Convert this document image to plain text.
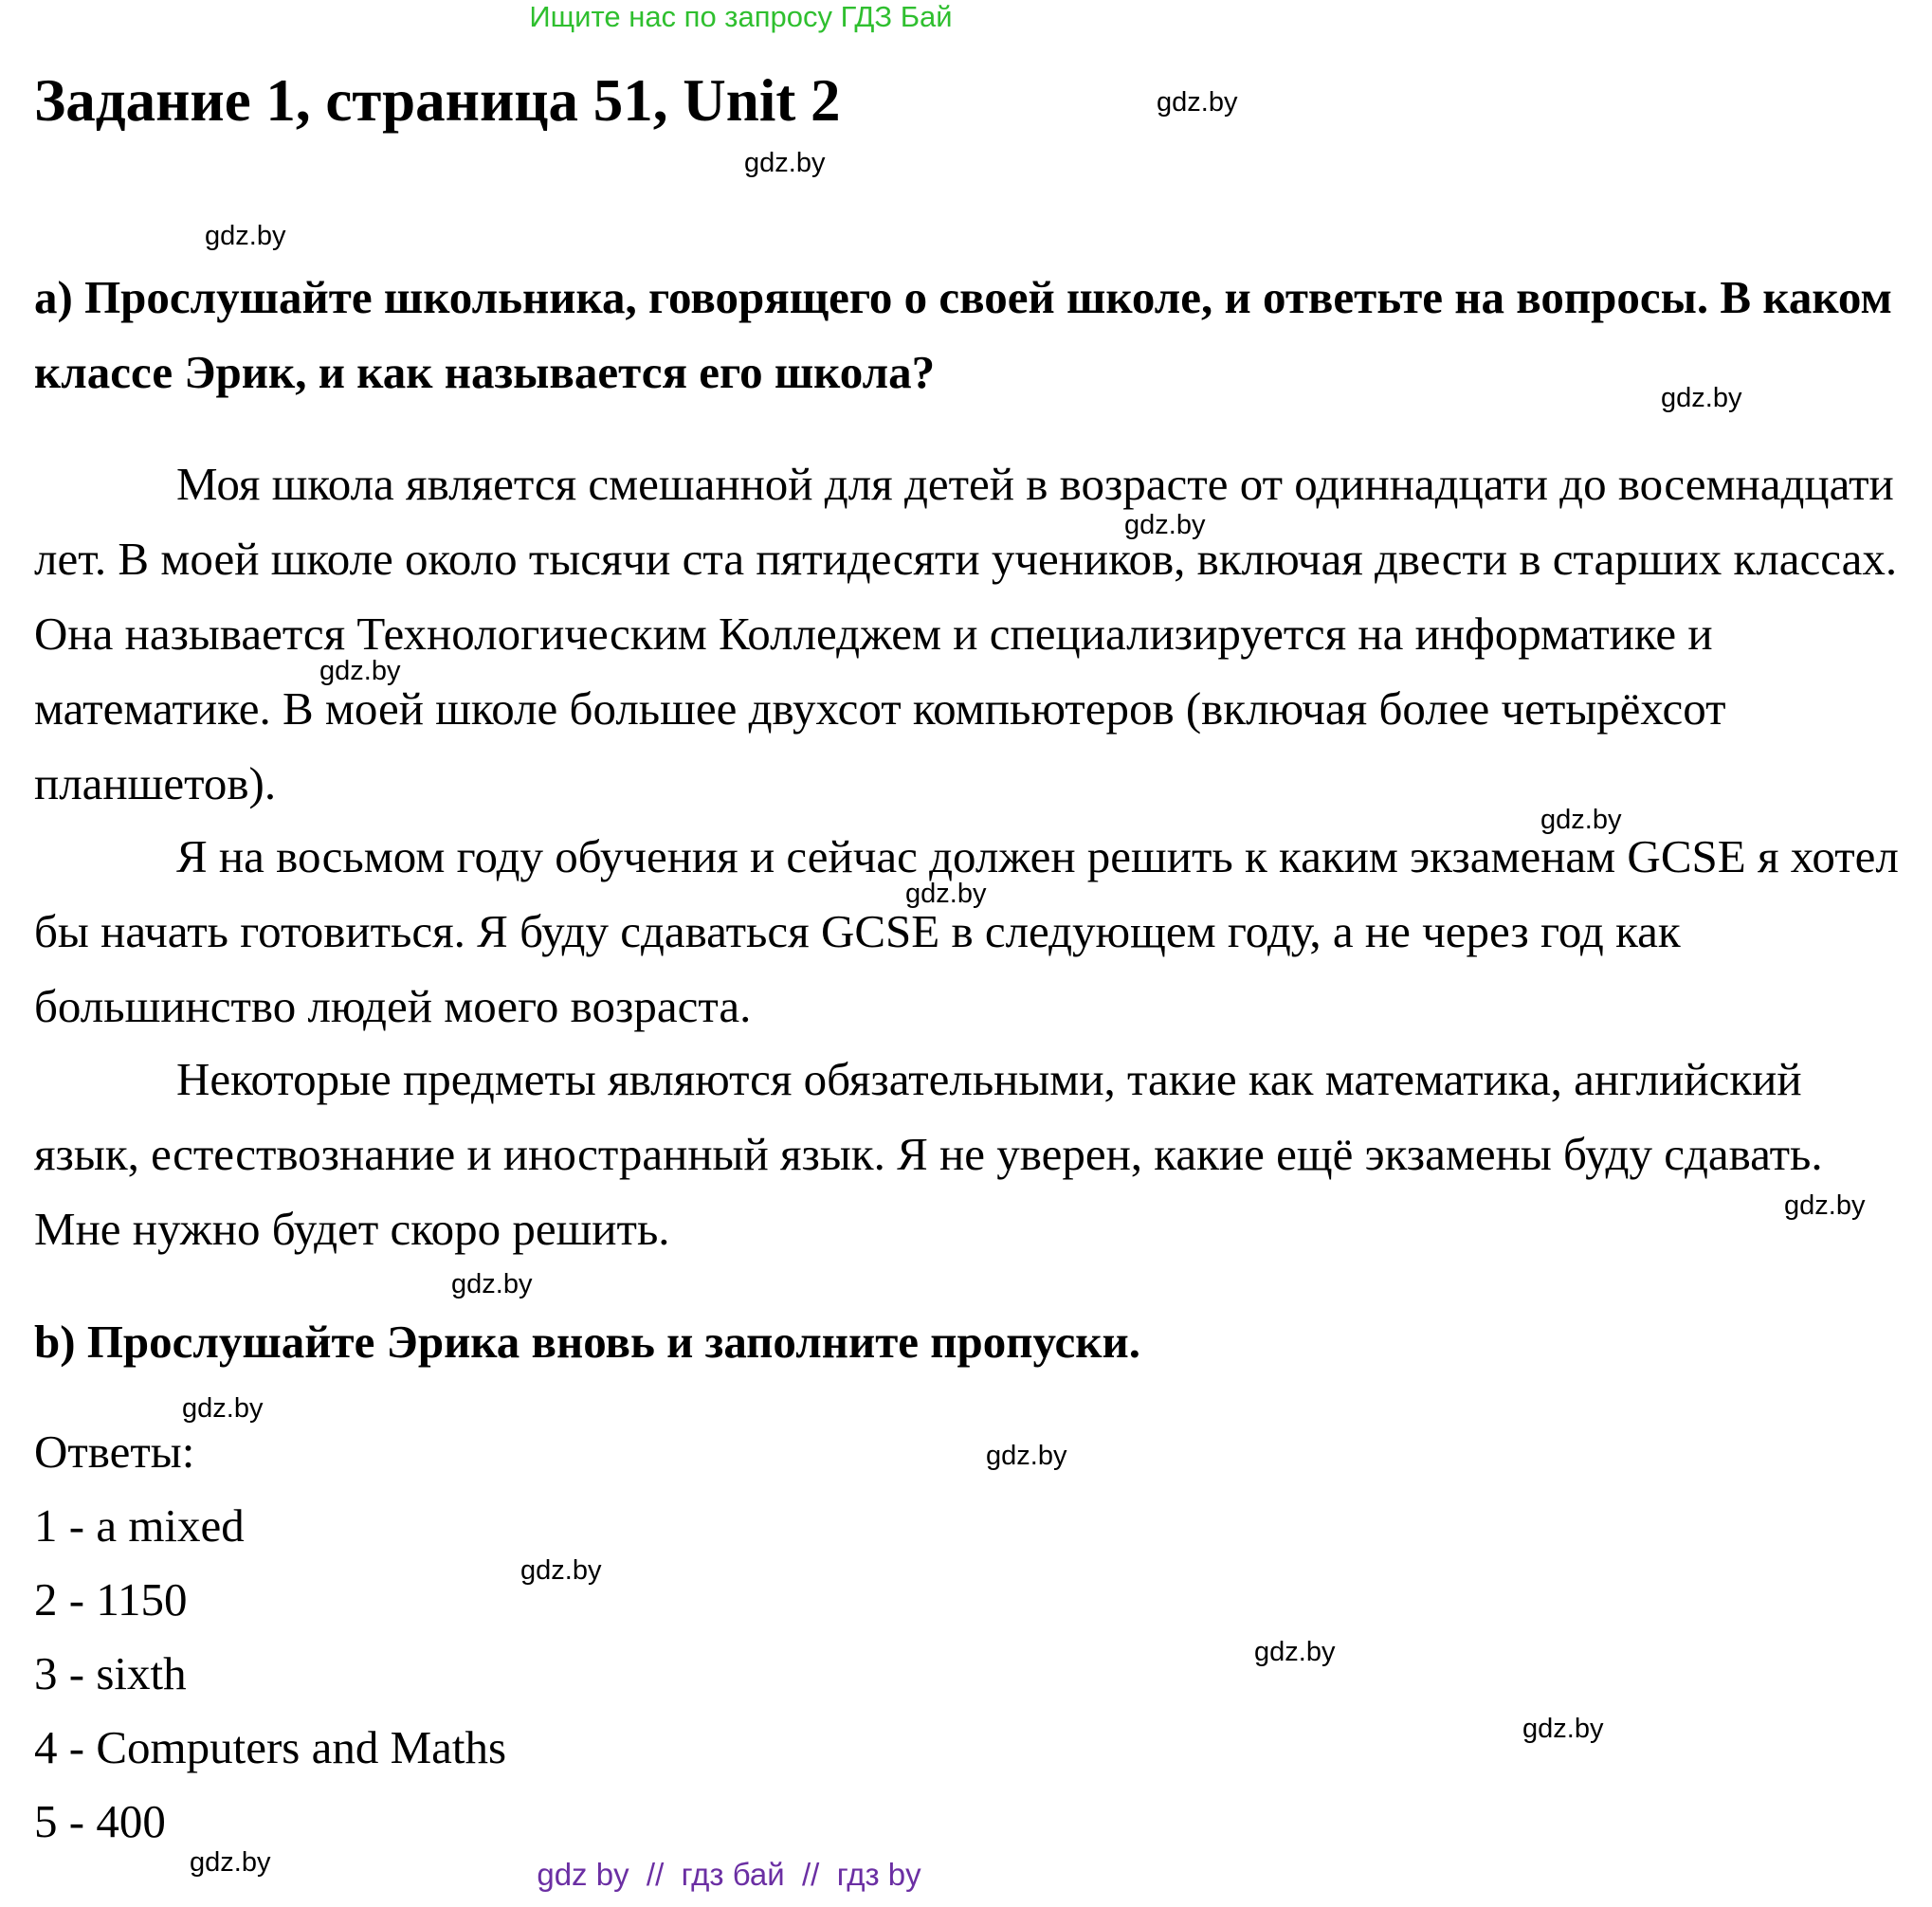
Ищите нас по запросу ГДЗ Бай
Задание 1, страница 51, Unit 2
a) Прослушайте школьника, говорящего о своей школе, и ответьте на вопросы. В каком классе Эрик, и как называется его школа?

Моя школа является смешанной для детей в возрасте от одиннадцати до восемнадцати лет. В моей школе около тысячи ста пятидесяти учеников, включая двести в старших классах. Она называется Технологическим Колледжем и специализируется на информатике и математике. В моей школе большее двухсот компьютеров (включая более четырёхсот планшетов).

Я на восьмом году обучения и сейчас должен решить к каким экзаменам GCSE я хотел бы начать готовиться. Я буду сдаваться GCSE в следующем году, а не через год как большинство людей моего возраста.

Некоторые предметы являются обязательными, такие как математика, английский язык, естествознание и иностранный язык. Я не уверен, какие ещё экзамены буду сдавать. Мне нужно будет скоро решить.

b) Прослушайте Эрика вновь и заполните пропуски.
Ответы:
1 - a mixed
2 - 1150
3 - sixth
4 - Computers and Maths
5 - 400
gdz.by
gdz.by
gdz.by
gdz.by
gdz.by
gdz.by
gdz.by
gdz.by
gdz.by
gdz.by
gdz.by
gdz.by
gdz.by
gdz.by
gdz.by
gdz.by	gdz by // гдз бай // гдз by
